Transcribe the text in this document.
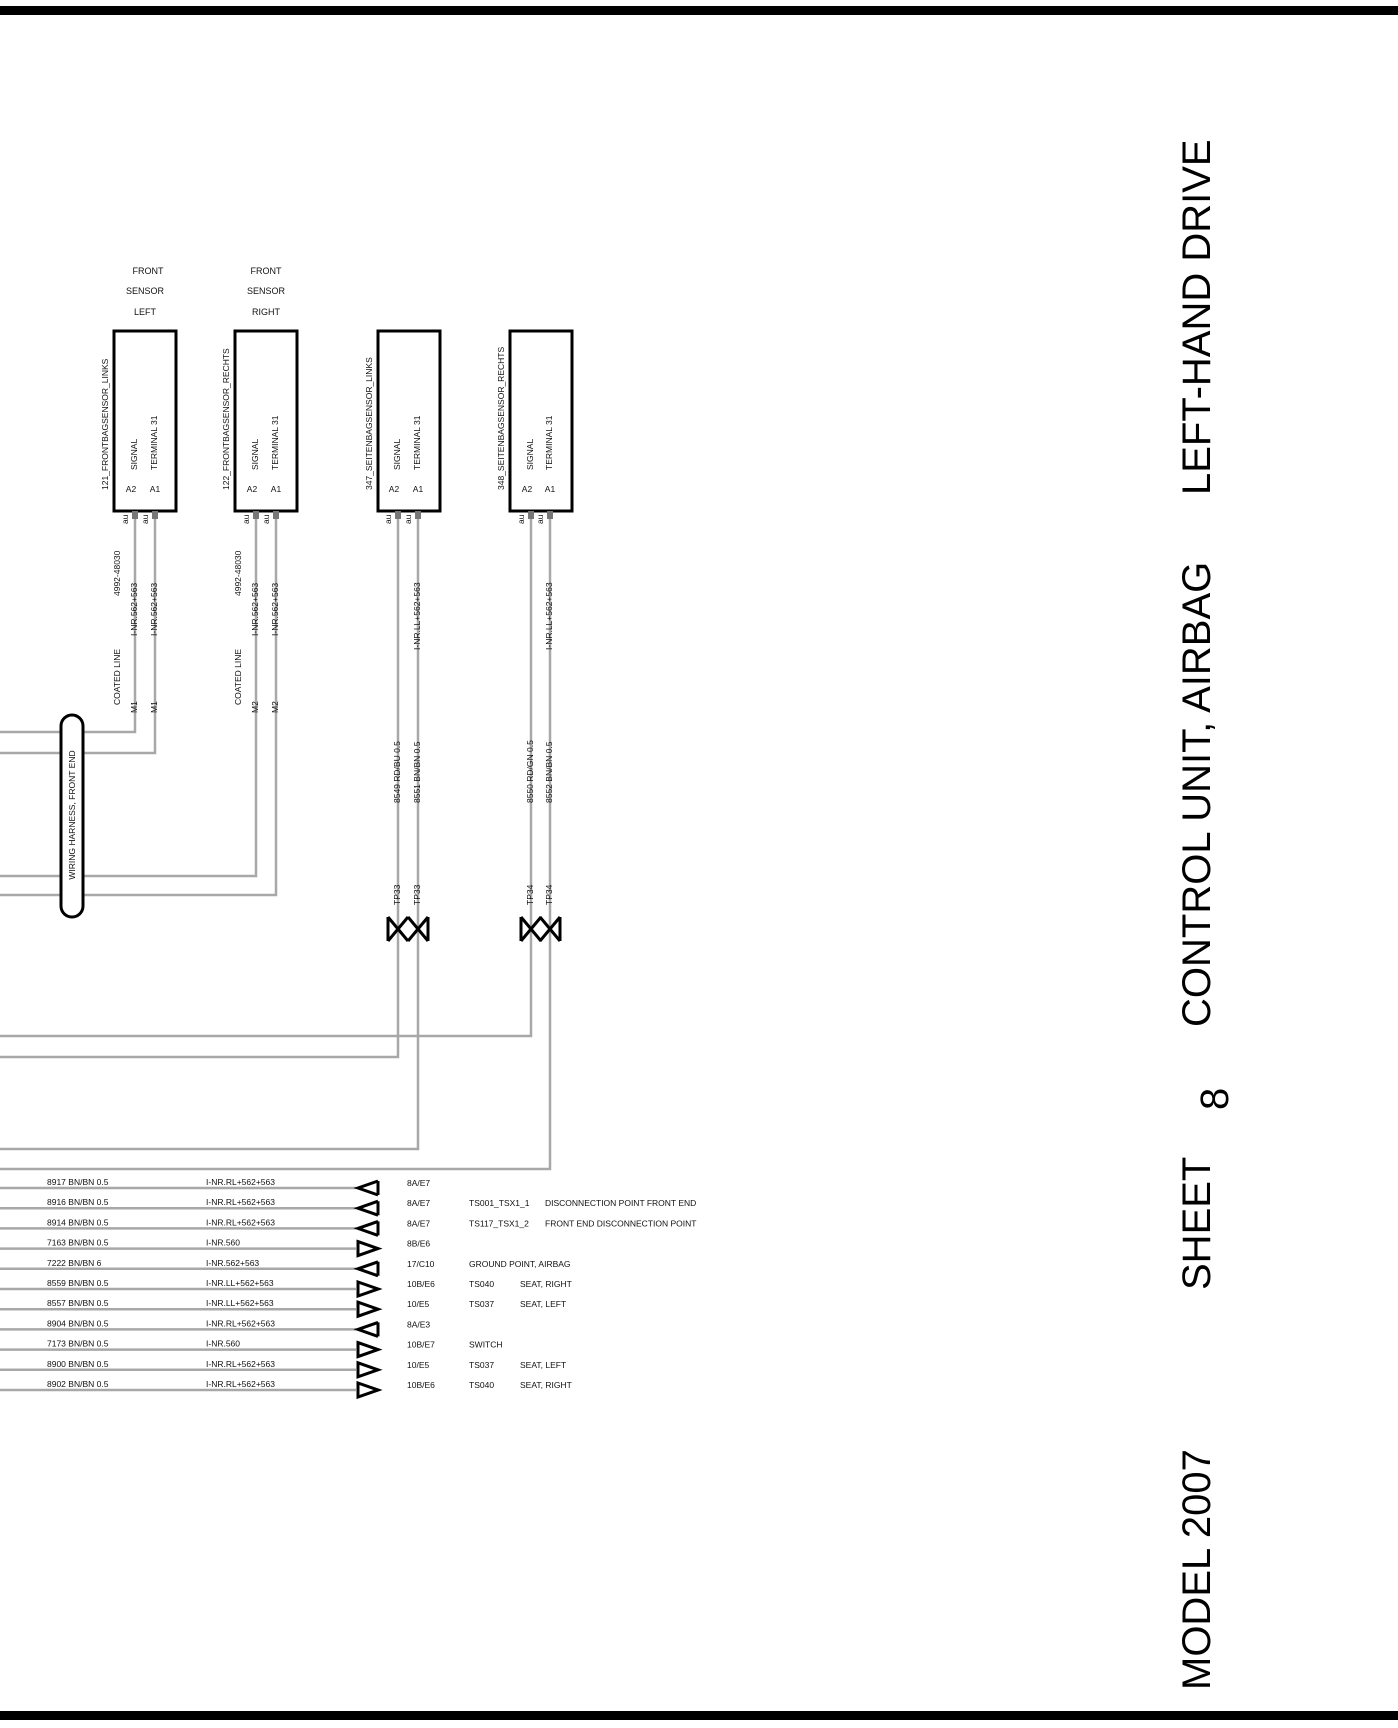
FRONT
SENSOR
LEFT
FRONT
SENSOR
RIGHT
121_FRONTBAGSENSOR_LINKS SIGNAL TERMINAL 31
A2 A1
au au
122_FRONTBAGSENSOR_RECHTS SIGNAL TERMINAL 31
A2 A1
au au
347_SEITENBAGSENSOR_LINKS SIGNAL TERMINAL 31
A2 A1
au au
348_SEITENBAGSENSOR_RECHTS SIGNAL TERMINAL 31
A2 A1
au au
4992-48030
COATED LINE
I-NR.562+563 I-NR.562+563
M1 M1
4992-48030
COATED LINE
I-NR.562+563 I-NR.562+563
M2 M2
I-NR.LL+562+563
8549 RD/BU 0.5 8551 BN/BN 0.5
TP33 TP33
I-NR.LL+562+563
8550 RD/GN 0.5 8552 BN/BN 0.5
TP34 TP34
WIRING HARNESS, FRONT END
8917 BN/BN 0.5	I-NR.RL+562+563	8A/E7
8916 BN/BN 0.5	I-NR.RL+562+563	8A/E7	TS001_TSX1_1 DISCONNECTION POINT FRONT END
8914 BN/BN 0.5	I-NR.RL+562+563	8A/E7	TS117_TSX1_2 FRONT END DISCONNECTION POINT
7163 BN/BN 0.5	I-NR.560	8B/E6
7222 BN/BN 6	I-NR.562+563	17/C10	GROUND POINT, AIRBAG
8559 BN/BN 0.5	I-NR.LL+562+563	10B/E6	TS040	SEAT, RIGHT
8557 BN/BN 0.5	I-NR.LL+562+563	10/E5	TS037	SEAT, LEFT
8904 BN/BN 0.5	I-NR.RL+562+563	8A/E3
7173 BN/BN 0.5	I-NR.560	10B/E7	SWITCH
8900 BN/BN 0.5	I-NR.RL+562+563	10/E5	TS037	SEAT, LEFT
8902 BN/BN 0.5	I-NR.RL+562+563	10B/E6	TS040	SEAT, RIGHT
MODEL 2007
SHEET
8
CONTROL UNIT, AIRBAG
LEFT-HAND DRIVE
